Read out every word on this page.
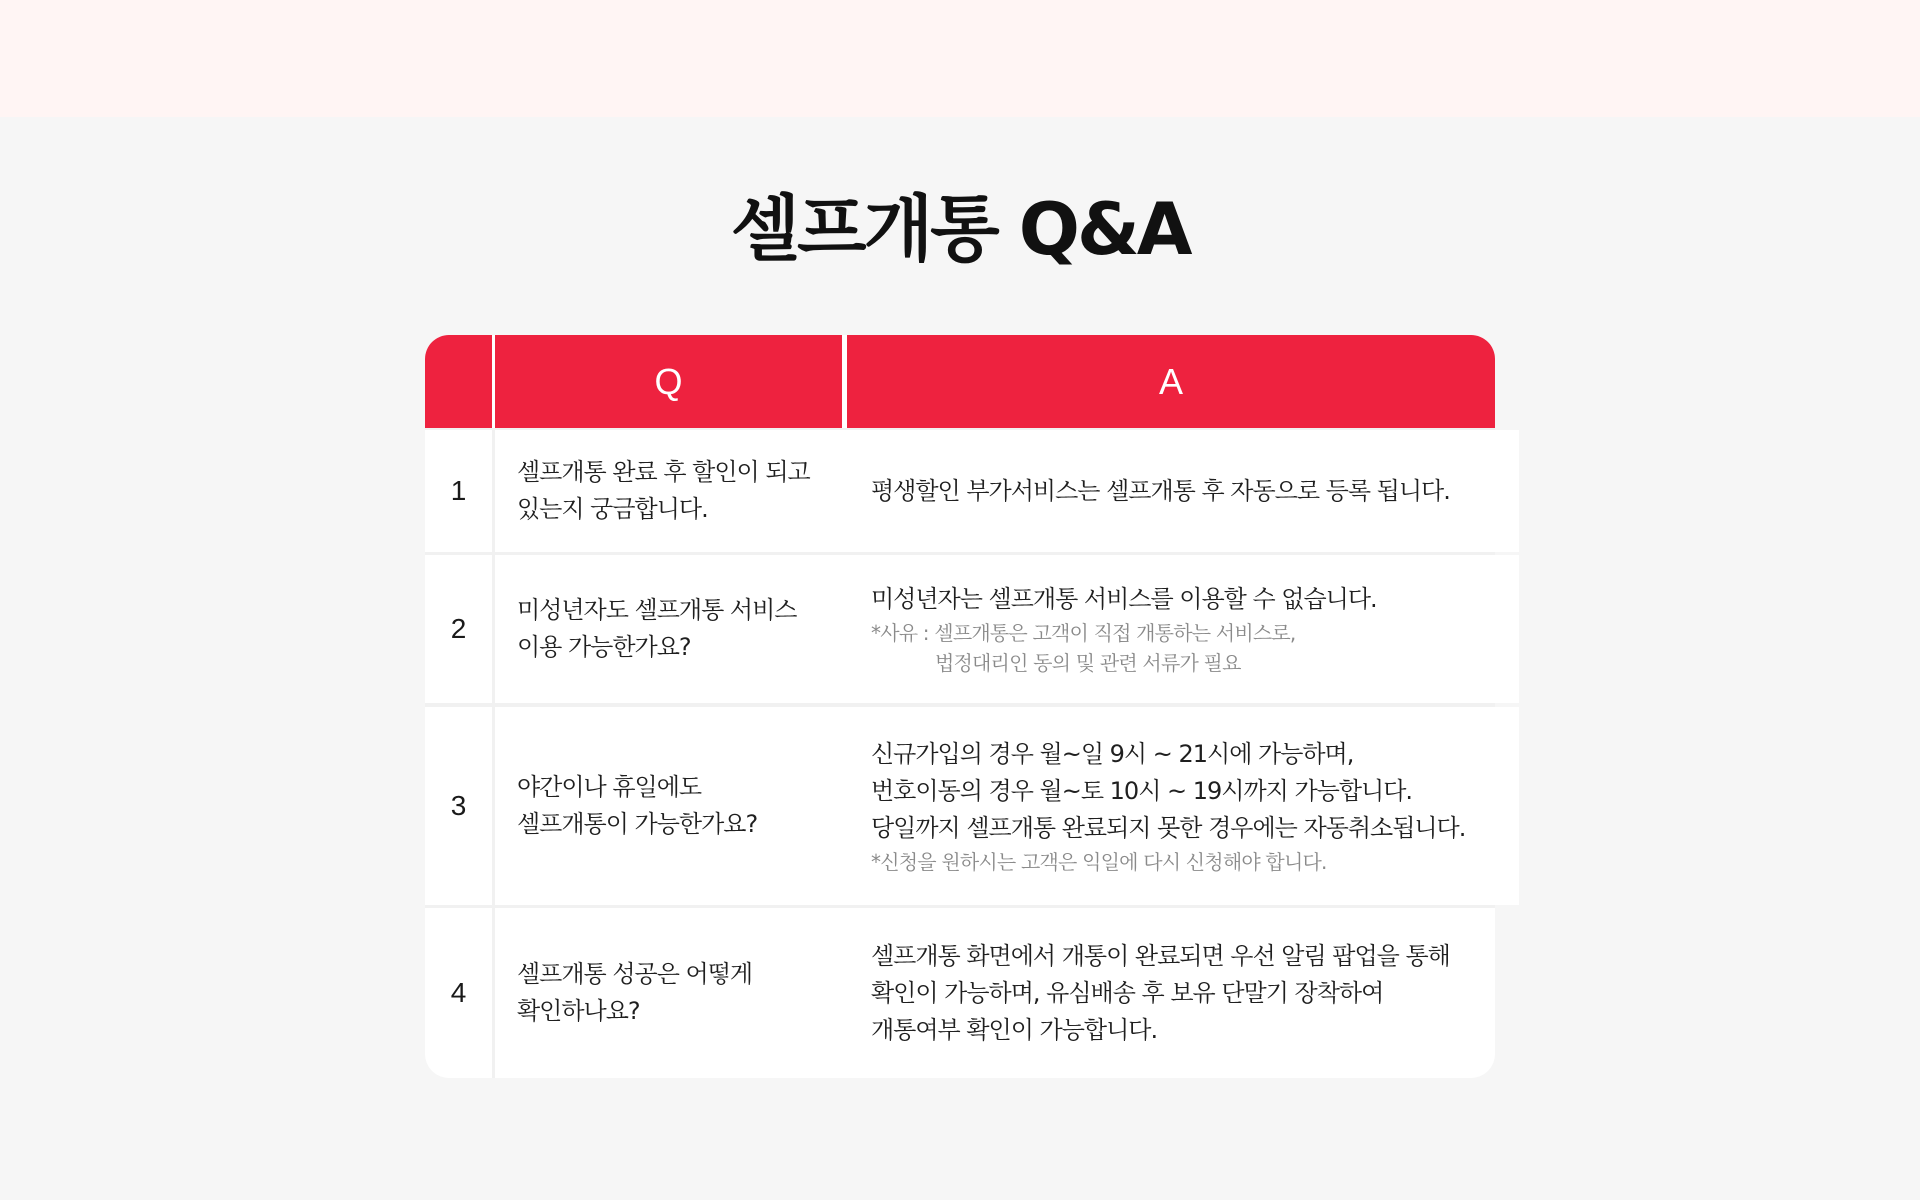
셀프개통 Q&A
Q	A
1
셀프개통 완료 후 할인이 되고
있는지 궁금합니다.
평생할인 부가서비스는 셀프개통 후 자동으로 등록 됩니다.
2
미성년자도 셀프개통 서비스
이용 가능한가요?
미성년자는 셀프개통 서비스를 이용할 수 없습니다.
*사유 : 셀프개통은 고객이 직접 개통하는 서비스로,
법정대리인 동의 및 관련 서류가 필요
3
야간이나 휴일에도
셀프개통이 가능한가요?
신규가입의 경우 월~일 9시 ~ 21시에 가능하며,
번호이동의 경우 월~토 10시 ~ 19시까지 가능합니다.
당일까지 셀프개통 완료되지 못한 경우에는 자동취소됩니다.
*신청을 원하시는 고객은 익일에 다시 신청해야 합니다.
4
셀프개통 성공은 어떻게
확인하나요?
셀프개통 화면에서 개통이 완료되면 우선 알림 팝업을 통해
확인이 가능하며, 유심배송 후 보유 단말기 장착하여
개통여부 확인이 가능합니다.
